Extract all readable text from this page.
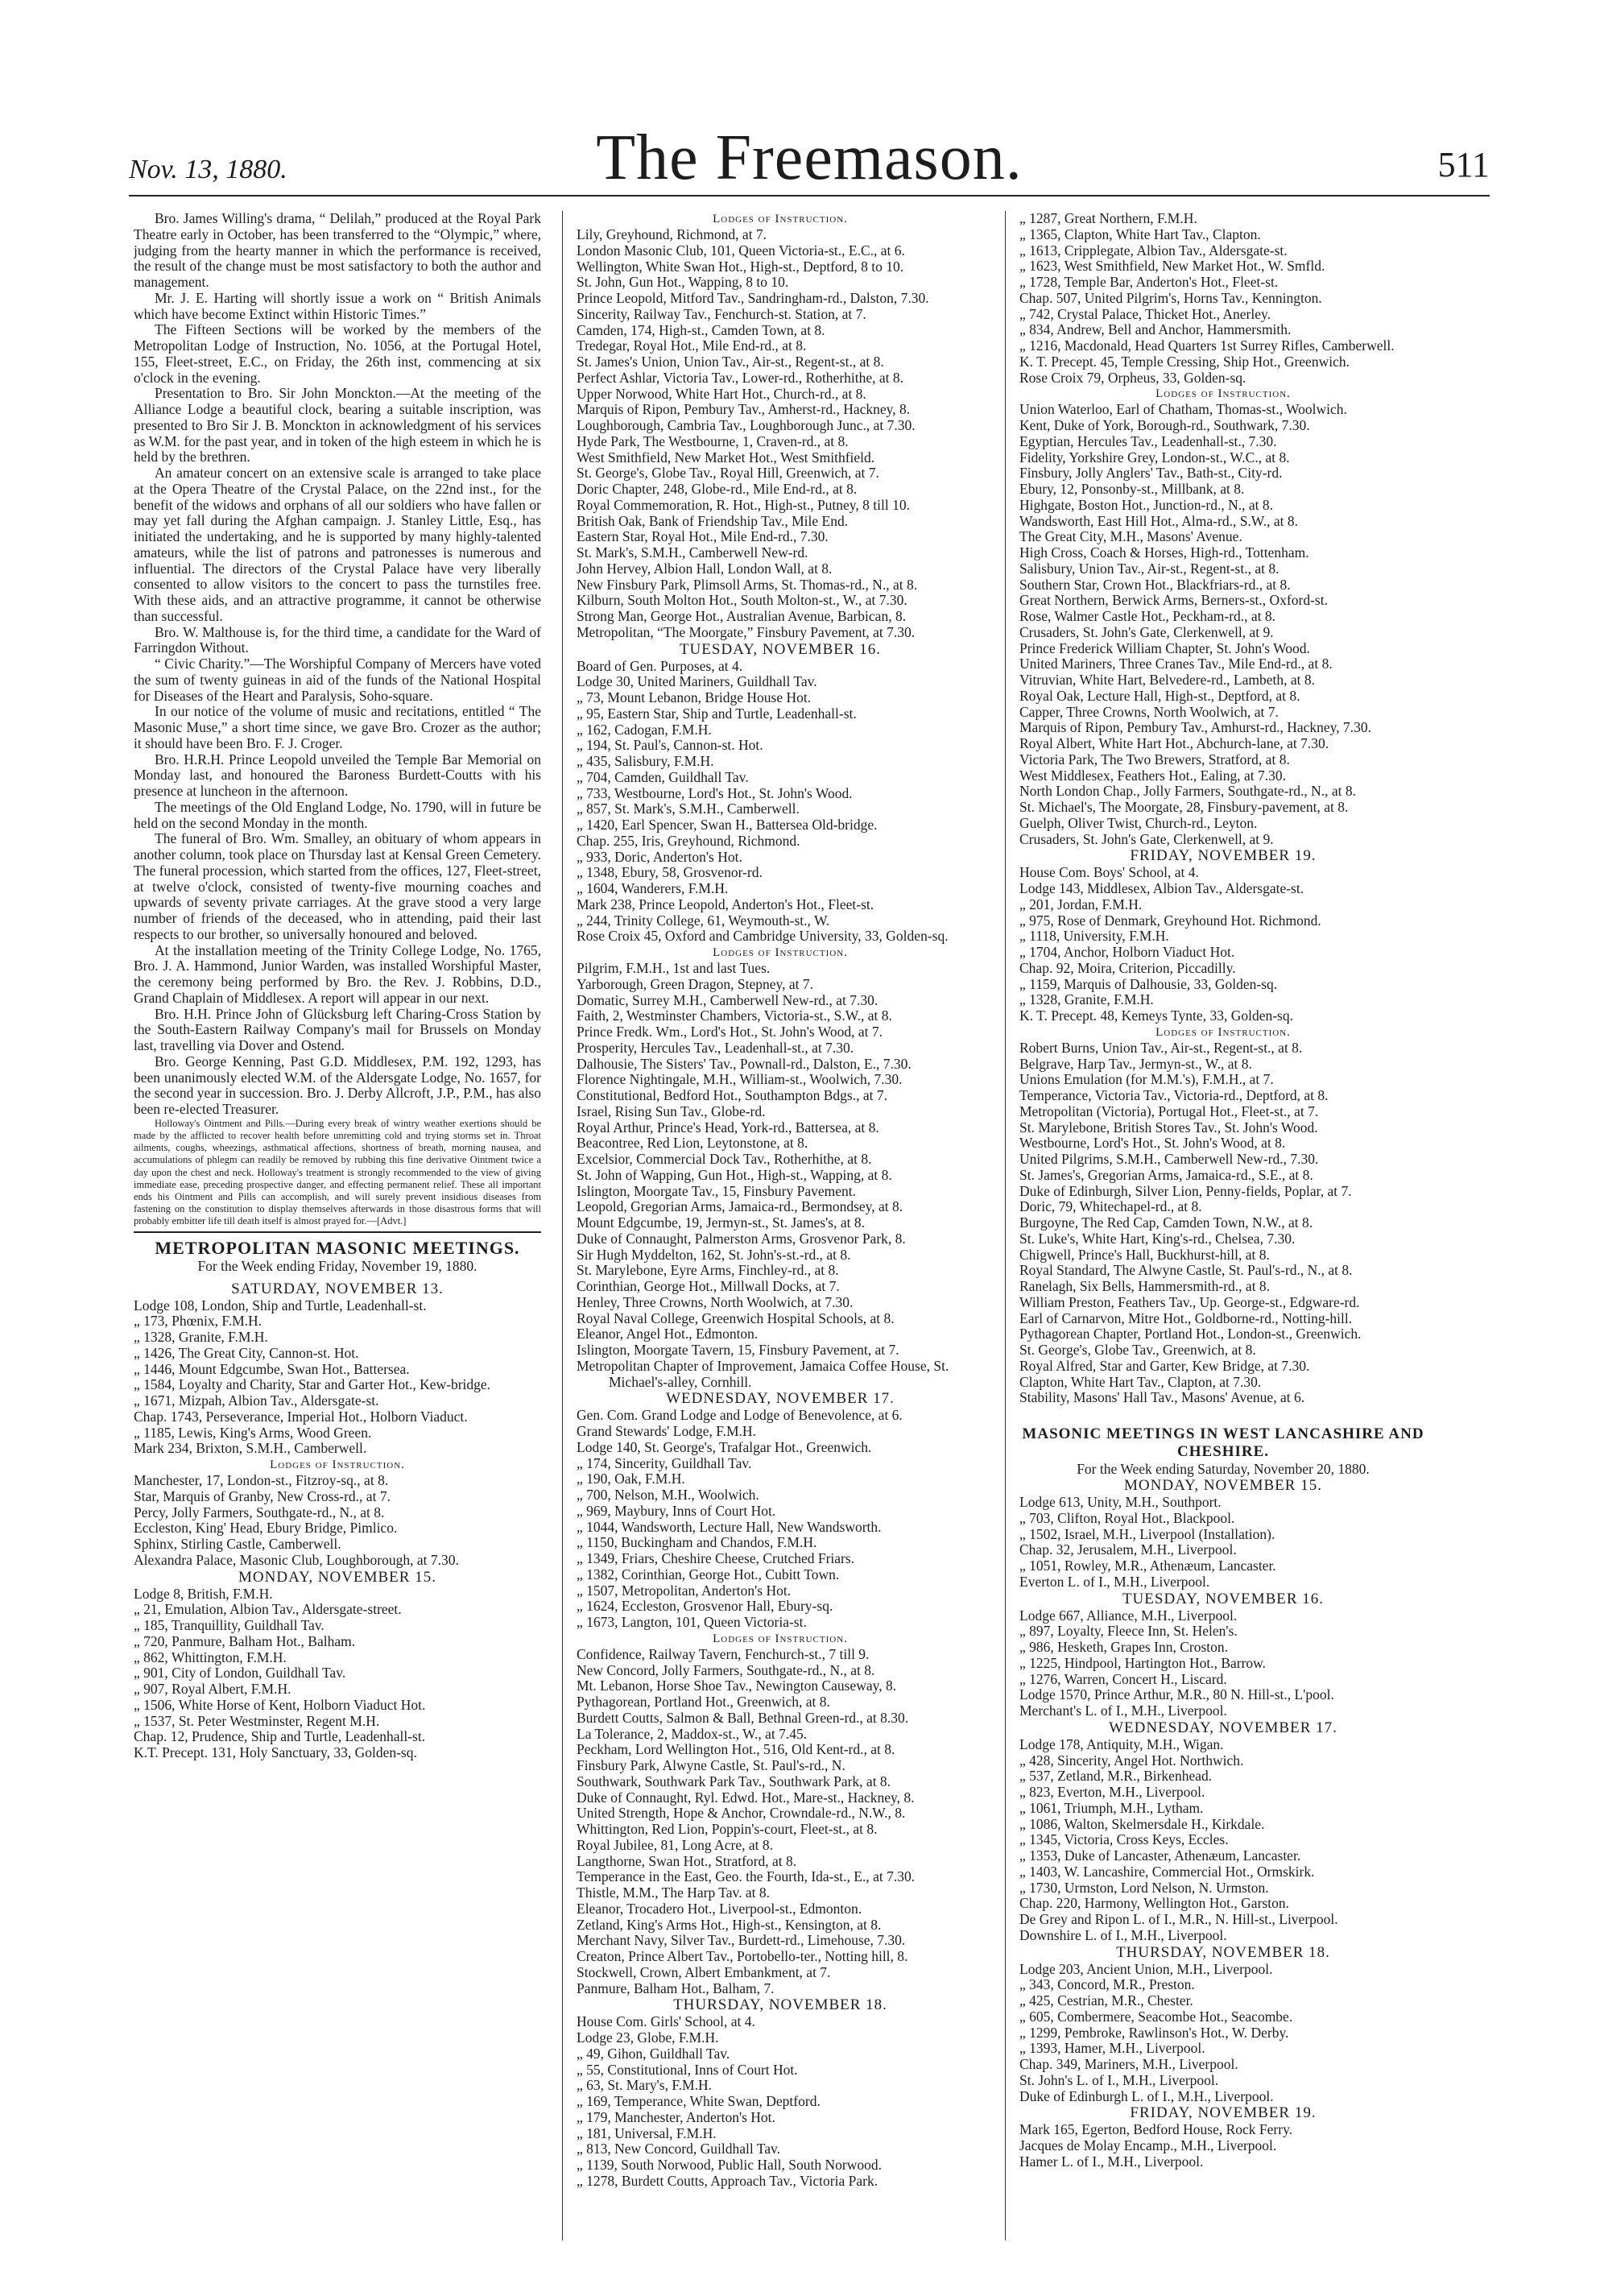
Nov. 13, 1880.	The Freemason.	511

Bro. James Willing's drama, “ Delilah,” produced at the Royal Park Theatre early in October, has been transferred to the “Olympic,” where, judging from the hearty manner in which the performance is received, the result of the change must be most satisfactory to both the author and management.

Mr. J. E. Harting will shortly issue a work on “ British Animals which have become Extinct within Historic Times.”

The Fifteen Sections will be worked by the members of the Metropolitan Lodge of Instruction, No. 1056, at the Portugal Hotel, 155, Fleet-street, E.C., on Friday, the 26th inst, commencing at six o'clock in the evening.

Presentation to Bro. Sir John Monckton.—At the meeting of the Alliance Lodge a beautiful clock, bearing a suitable inscription, was presented to Bro Sir J. B. Monckton in acknowledgment of his services as W.M. for the past year, and in token of the high esteem in which he is held by the brethren.

An amateur concert on an extensive scale is arranged to take place at the Opera Theatre of the Crystal Palace, on the 22nd inst., for the benefit of the widows and orphans of all our soldiers who have fallen or may yet fall during the Afghan campaign. J. Stanley Little, Esq., has initiated the undertaking, and he is supported by many highly-talented amateurs, while the list of patrons and patronesses is numerous and influential. The directors of the Crystal Palace have very liberally consented to allow visitors to the concert to pass the turnstiles free. With these aids, and an attractive programme, it cannot be otherwise than successful.

Bro. W. Malthouse is, for the third time, a candidate for the Ward of Farringdon Without.

“ Civic Charity.”—The Worshipful Company of Mercers have voted the sum of twenty guineas in aid of the funds of the National Hospital for Diseases of the Heart and Paralysis, Soho-square.

In our notice of the volume of music and recitations, entitled “ The Masonic Muse,” a short time since, we gave Bro. Crozer as the author; it should have been Bro. F. J. Croger.

Bro. H.R.H. Prince Leopold unveiled the Temple Bar Memorial on Monday last, and honoured the Baroness Burdett-Coutts with his presence at luncheon in the afternoon.

The meetings of the Old England Lodge, No. 1790, will in future be held on the second Monday in the month.

The funeral of Bro. Wm. Smalley, an obituary of whom appears in another column, took place on Thursday last at Kensal Green Cemetery. The funeral procession, which started from the offices, 127, Fleet-street, at twelve o'clock, consisted of twenty-five mourning coaches and upwards of seventy private carriages. At the grave stood a very large number of friends of the deceased, who in attending, paid their last respects to our brother, so universally honoured and beloved.

At the installation meeting of the Trinity College Lodge, No. 1765, Bro. J. A. Hammond, Junior Warden, was installed Worshipful Master, the ceremony being performed by Bro. the Rev. J. Robbins, D.D., Grand Chaplain of Middlesex. A report will appear in our next.

Bro. H.H. Prince John of Glücksburg left Charing-Cross Station by the South-Eastern Railway Company's mail for Brussels on Monday last, travelling via Dover and Ostend.

Bro. George Kenning, Past G.D. Middlesex, P.M. 192, 1293, has been unanimously elected W.M. of the Aldersgate Lodge, No. 1657, for the second year in succession. Bro. J. Derby Allcroft, J.P., P.M., has also been re-elected Treasurer.

Holloway's Ointment and Pills.—During every break of wintry weather exertions should be made by the afflicted to recover health before unremitting cold and trying storms set in. Throat ailments, coughs, wheezings, asthmatical affections, shortness of breath, morning nausea, and accumulations of phlegm can readily be removed by rubbing this fine derivative Ointment twice a day upon the chest and neck. Holloway's treatment is strongly recommended to the view of giving immediate ease, preceding prospective danger, and effecting permanent relief. These all important ends his Ointment and Pills can accomplish, and will surely prevent insidious diseases from fastening on the constitution to display themselves afterwards in those disastrous forms that will probably embitter life till death itself is almost prayed for.—[Advt.]

METROPOLITAN MASONIC MEETINGS.
For the Week ending Friday, November 19, 1880.
SATURDAY, NOVEMBER 13.
Lodge 108, London, Ship and Turtle, Leadenhall-st.
„ 173, Phœnix, F.M.H.
„ 1328, Granite, F.M.H.
„ 1426, The Great City, Cannon-st. Hot.
„ 1446, Mount Edgcumbe, Swan Hot., Battersea.
„ 1584, Loyalty and Charity, Star and Garter Hot., Kew-bridge.
„ 1671, Mizpah, Albion Tav., Aldersgate-st.
Chap. 1743, Perseverance, Imperial Hot., Holborn Viaduct.
„ 1185, Lewis, King's Arms, Wood Green.
Mark 234, Brixton, S.M.H., Camberwell.
Lodges of Instruction.
Manchester, 17, London-st., Fitzroy-sq., at 8.
Star, Marquis of Granby, New Cross-rd., at 7.
Percy, Jolly Farmers, Southgate-rd., N., at 8.
Eccleston, King' Head, Ebury Bridge, Pimlico.
Sphinx, Stirling Castle, Camberwell.
Alexandra Palace, Masonic Club, Loughborough, at 7.30.
MONDAY, NOVEMBER 15.
Lodge 8, British, F.M.H.
„ 21, Emulation, Albion Tav., Aldersgate-street.
„ 185, Tranquillity, Guildhall Tav.
„ 720, Panmure, Balham Hot., Balham.
„ 862, Whittington, F.M.H.
„ 901, City of London, Guildhall Tav.
„ 907, Royal Albert, F.M.H.
„ 1506, White Horse of Kent, Holborn Viaduct Hot.
„ 1537, St. Peter Westminster, Regent M.H.
Chap. 12, Prudence, Ship and Turtle, Leadenhall-st.
K.T. Precept. 131, Holy Sanctuary, 33, Golden-sq.
Lodges of Instruction.
Lily, Greyhound, Richmond, at 7.
London Masonic Club, 101, Queen Victoria-st., E.C., at 6.
Wellington, White Swan Hot., High-st., Deptford, 8 to 10.
St. John, Gun Hot., Wapping, 8 to 10.
Prince Leopold, Mitford Tav., Sandringham-rd., Dalston, 7.30.
Sincerity, Railway Tav., Fenchurch-st. Station, at 7.
Camden, 174, High-st., Camden Town, at 8.
Tredegar, Royal Hot., Mile End-rd., at 8.
St. James's Union, Union Tav., Air-st., Regent-st., at 8.
Perfect Ashlar, Victoria Tav., Lower-rd., Rotherhithe, at 8.
Upper Norwood, White Hart Hot., Church-rd., at 8.
Marquis of Ripon, Pembury Tav., Amherst-rd., Hackney, 8.
Loughborough, Cambria Tav., Loughborough Junc., at 7.30.
Hyde Park, The Westbourne, 1, Craven-rd., at 8.
West Smithfield, New Market Hot., West Smithfield.
St. George's, Globe Tav., Royal Hill, Greenwich, at 7.
Doric Chapter, 248, Globe-rd., Mile End-rd., at 8.
Royal Commemoration, R. Hot., High-st., Putney, 8 till 10.
British Oak, Bank of Friendship Tav., Mile End.
Eastern Star, Royal Hot., Mile End-rd., 7.30.
St. Mark's, S.M.H., Camberwell New-rd.
John Hervey, Albion Hall, London Wall, at 8.
New Finsbury Park, Plimsoll Arms, St. Thomas-rd., N., at 8.
Kilburn, South Molton Hot., South Molton-st., W., at 7.30.
Strong Man, George Hot., Australian Avenue, Barbican, 8.
Metropolitan, “The Moorgate,” Finsbury Pavement, at 7.30.
TUESDAY, NOVEMBER 16.
Board of Gen. Purposes, at 4.
Lodge 30, United Mariners, Guildhall Tav.
„ 73, Mount Lebanon, Bridge House Hot.
„ 95, Eastern Star, Ship and Turtle, Leadenhall-st.
„ 162, Cadogan, F.M.H.
„ 194, St. Paul's, Cannon-st. Hot.
„ 435, Salisbury, F.M.H.
„ 704, Camden, Guildhall Tav.
„ 733, Westbourne, Lord's Hot., St. John's Wood.
„ 857, St. Mark's, S.M.H., Camberwell.
„ 1420, Earl Spencer, Swan H., Battersea Old-bridge.
Chap. 255, Iris, Greyhound, Richmond.
„ 933, Doric, Anderton's Hot.
„ 1348, Ebury, 58, Grosvenor-rd.
„ 1604, Wanderers, F.M.H.
Mark 238, Prince Leopold, Anderton's Hot., Fleet-st.
„ 244, Trinity College, 61, Weymouth-st., W.
Rose Croix 45, Oxford and Cambridge University, 33, Golden-sq.
Lodges of Instruction.
Pilgrim, F.M.H., 1st and last Tues.
Yarborough, Green Dragon, Stepney, at 7.
Domatic, Surrey M.H., Camberwell New-rd., at 7.30.
Faith, 2, Westminster Chambers, Victoria-st., S.W., at 8.
Prince Fredk. Wm., Lord's Hot., St. John's Wood, at 7.
Prosperity, Hercules Tav., Leadenhall-st., at 7.30.
Dalhousie, The Sisters' Tav., Pownall-rd., Dalston, E., 7.30.
Florence Nightingale, M.H., William-st., Woolwich, 7.30.
Constitutional, Bedford Hot., Southampton Bdgs., at 7.
Israel, Rising Sun Tav., Globe-rd.
Royal Arthur, Prince's Head, York-rd., Battersea, at 8.
Beacontree, Red Lion, Leytonstone, at 8.
Excelsior, Commercial Dock Tav., Rotherhithe, at 8.
St. John of Wapping, Gun Hot., High-st., Wapping, at 8.
Islington, Moorgate Tav., 15, Finsbury Pavement.
Leopold, Gregorian Arms, Jamaica-rd., Bermondsey, at 8.
Mount Edgcumbe, 19, Jermyn-st., St. James's, at 8.
Duke of Connaught, Palmerston Arms, Grosvenor Park, 8.
Sir Hugh Myddelton, 162, St. John's-st.-rd., at 8.
St. Marylebone, Eyre Arms, Finchley-rd., at 8.
Corinthian, George Hot., Millwall Docks, at 7.
Henley, Three Crowns, North Woolwich, at 7.30.
Royal Naval College, Greenwich Hospital Schools, at 8.
Eleanor, Angel Hot., Edmonton.
Islington, Moorgate Tavern, 15, Finsbury Pavement, at 7.
Metropolitan Chapter of Improvement, Jamaica Coffee House, St. Michael's-alley, Cornhill.
WEDNESDAY, NOVEMBER 17.
Gen. Com. Grand Lodge and Lodge of Benevolence, at 6.
Grand Stewards' Lodge, F.M.H.
Lodge 140, St. George's, Trafalgar Hot., Greenwich.
„ 174, Sincerity, Guildhall Tav.
„ 190, Oak, F.M.H.
„ 700, Nelson, M.H., Woolwich.
„ 969, Maybury, Inns of Court Hot.
„ 1044, Wandsworth, Lecture Hall, New Wandsworth.
„ 1150, Buckingham and Chandos, F.M.H.
„ 1349, Friars, Cheshire Cheese, Crutched Friars.
„ 1382, Corinthian, George Hot., Cubitt Town.
„ 1507, Metropolitan, Anderton's Hot.
„ 1624, Eccleston, Grosvenor Hall, Ebury-sq.
„ 1673, Langton, 101, Queen Victoria-st.
Lodges of Instruction.
Confidence, Railway Tavern, Fenchurch-st., 7 till 9.
New Concord, Jolly Farmers, Southgate-rd., N., at 8.
Mt. Lebanon, Horse Shoe Tav., Newington Causeway, 8.
Pythagorean, Portland Hot., Greenwich, at 8.
Burdett Coutts, Salmon & Ball, Bethnal Green-rd., at 8.30.
La Tolerance, 2, Maddox-st., W., at 7.45.
Peckham, Lord Wellington Hot., 516, Old Kent-rd., at 8.
Finsbury Park, Alwyne Castle, St. Paul's-rd., N.
Southwark, Southwark Park Tav., Southwark Park, at 8.
Duke of Connaught, Ryl. Edwd. Hot., Mare-st., Hackney, 8.
United Strength, Hope & Anchor, Crowndale-rd., N.W., 8.
Whittington, Red Lion, Poppin's-court, Fleet-st., at 8.
Royal Jubilee, 81, Long Acre, at 8.
Langthorne, Swan Hot., Stratford, at 8.
Temperance in the East, Geo. the Fourth, Ida-st., E., at 7.30.
Thistle, M.M., The Harp Tav. at 8.
Eleanor, Trocadero Hot., Liverpool-st., Edmonton.
Zetland, King's Arms Hot., High-st., Kensington, at 8.
Merchant Navy, Silver Tav., Burdett-rd., Limehouse, 7.30.
Creaton, Prince Albert Tav., Portobello-ter., Notting hill, 8.
Stockwell, Crown, Albert Embankment, at 7.
Panmure, Balham Hot., Balham, 7.
THURSDAY, NOVEMBER 18.
House Com. Girls' School, at 4.
Lodge 23, Globe, F.M.H.
„ 49, Gihon, Guildhall Tav.
„ 55, Constitutional, Inns of Court Hot.
„ 63, St. Mary's, F.M.H.
„ 169, Temperance, White Swan, Deptford.
„ 179, Manchester, Anderton's Hot.
„ 181, Universal, F.M.H.
„ 813, New Concord, Guildhall Tav.
„ 1139, South Norwood, Public Hall, South Norwood.
„ 1278, Burdett Coutts, Approach Tav., Victoria Park.
„ 1287, Great Northern, F.M.H.
„ 1365, Clapton, White Hart Tav., Clapton.
„ 1613, Cripplegate, Albion Tav., Aldersgate-st.
„ 1623, West Smithfield, New Market Hot., W. Smfld.
„ 1728, Temple Bar, Anderton's Hot., Fleet-st.
Chap. 507, United Pilgrim's, Horns Tav., Kennington.
„ 742, Crystal Palace, Thicket Hot., Anerley.
„ 834, Andrew, Bell and Anchor, Hammersmith.
„ 1216, Macdonald, Head Quarters 1st Surrey Rifles, Camberwell.
K. T. Precept. 45, Temple Cressing, Ship Hot., Greenwich.
Rose Croix 79, Orpheus, 33, Golden-sq.
Lodges of Instruction.
Union Waterloo, Earl of Chatham, Thomas-st., Woolwich.
Kent, Duke of York, Borough-rd., Southwark, 7.30.
Egyptian, Hercules Tav., Leadenhall-st., 7.30.
Fidelity, Yorkshire Grey, London-st., W.C., at 8.
Finsbury, Jolly Anglers' Tav., Bath-st., City-rd.
Ebury, 12, Ponsonby-st., Millbank, at 8.
Highgate, Boston Hot., Junction-rd., N., at 8.
Wandsworth, East Hill Hot., Alma-rd., S.W., at 8.
The Great City, M.H., Masons' Avenue.
High Cross, Coach & Horses, High-rd., Tottenham.
Salisbury, Union Tav., Air-st., Regent-st., at 8.
Southern Star, Crown Hot., Blackfriars-rd., at 8.
Great Northern, Berwick Arms, Berners-st., Oxford-st.
Rose, Walmer Castle Hot., Peckham-rd., at 8.
Crusaders, St. John's Gate, Clerkenwell, at 9.
Prince Frederick William Chapter, St. John's Wood.
United Mariners, Three Cranes Tav., Mile End-rd., at 8.
Vitruvian, White Hart, Belvedere-rd., Lambeth, at 8.
Royal Oak, Lecture Hall, High-st., Deptford, at 8.
Capper, Three Crowns, North Woolwich, at 7.
Marquis of Ripon, Pembury Tav., Amhurst-rd., Hackney, 7.30.
Royal Albert, White Hart Hot., Abchurch-lane, at 7.30.
Victoria Park, The Two Brewers, Stratford, at 8.
West Middlesex, Feathers Hot., Ealing, at 7.30.
North London Chap., Jolly Farmers, Southgate-rd., N., at 8.
St. Michael's, The Moorgate, 28, Finsbury-pavement, at 8.
Guelph, Oliver Twist, Church-rd., Leyton.
Crusaders, St. John's Gate, Clerkenwell, at 9.
FRIDAY, NOVEMBER 19.
House Com. Boys' School, at 4.
Lodge 143, Middlesex, Albion Tav., Aldersgate-st.
„ 201, Jordan, F.M.H.
„ 975, Rose of Denmark, Greyhound Hot. Richmond.
„ 1118, University, F.M.H.
„ 1704, Anchor, Holborn Viaduct Hot.
Chap. 92, Moira, Criterion, Piccadilly.
„ 1159, Marquis of Dalhousie, 33, Golden-sq.
„ 1328, Granite, F.M.H.
K. T. Precept. 48, Kemeys Tynte, 33, Golden-sq.
Lodges of Instruction.
Robert Burns, Union Tav., Air-st., Regent-st., at 8.
Belgrave, Harp Tav., Jermyn-st., W., at 8.
Unions Emulation (for M.M.'s), F.M.H., at 7.
Temperance, Victoria Tav., Victoria-rd., Deptford, at 8.
Metropolitan (Victoria), Portugal Hot., Fleet-st., at 7.
St. Marylebone, British Stores Tav., St. John's Wood.
Westbourne, Lord's Hot., St. John's Wood, at 8.
United Pilgrims, S.M.H., Camberwell New-rd., 7.30.
St. James's, Gregorian Arms, Jamaica-rd., S.E., at 8.
Duke of Edinburgh, Silver Lion, Penny-fields, Poplar, at 7.
Doric, 79, Whitechapel-rd., at 8.
Burgoyne, The Red Cap, Camden Town, N.W., at 8.
St. Luke's, White Hart, King's-rd., Chelsea, 7.30.
Chigwell, Prince's Hall, Buckhurst-hill, at 8.
Royal Standard, The Alwyne Castle, St. Paul's-rd., N., at 8.
Ranelagh, Six Bells, Hammersmith-rd., at 8.
William Preston, Feathers Tav., Up. George-st., Edgware-rd.
Earl of Carnarvon, Mitre Hot., Goldborne-rd., Notting-hill.
Pythagorean Chapter, Portland Hot., London-st., Greenwich.
St. George's, Globe Tav., Greenwich, at 8.
Royal Alfred, Star and Garter, Kew Bridge, at 7.30.
Clapton, White Hart Tav., Clapton, at 7.30.
Stability, Masons' Hall Tav., Masons' Avenue, at 6.
MASONIC MEETINGS IN WEST LANCASHIRE AND CHESHIRE.
For the Week ending Saturday, November 20, 1880.
MONDAY, NOVEMBER 15.
Lodge 613, Unity, M.H., Southport.
„ 703, Clifton, Royal Hot., Blackpool.
„ 1502, Israel, M.H., Liverpool (Installation).
Chap. 32, Jerusalem, M.H., Liverpool.
„ 1051, Rowley, M.R., Athenæum, Lancaster.
Everton L. of I., M.H., Liverpool.
TUESDAY, NOVEMBER 16.
Lodge 667, Alliance, M.H., Liverpool.
„ 897, Loyalty, Fleece Inn, St. Helen's.
„ 986, Hesketh, Grapes Inn, Croston.
„ 1225, Hindpool, Hartington Hot., Barrow.
„ 1276, Warren, Concert H., Liscard.
Lodge 1570, Prince Arthur, M.R., 80 N. Hill-st., L'pool.
Merchant's L. of I., M.H., Liverpool.
WEDNESDAY, NOVEMBER 17.
Lodge 178, Antiquity, M.H., Wigan.
„ 428, Sincerity, Angel Hot. Northwich.
„ 537, Zetland, M.R., Birkenhead.
„ 823, Everton, M.H., Liverpool.
„ 1061, Triumph, M.H., Lytham.
„ 1086, Walton, Skelmersdale H., Kirkdale.
„ 1345, Victoria, Cross Keys, Eccles.
„ 1353, Duke of Lancaster, Athenæum, Lancaster.
„ 1403, W. Lancashire, Commercial Hot., Ormskirk.
„ 1730, Urmston, Lord Nelson, N. Urmston.
Chap. 220, Harmony, Wellington Hot., Garston.
De Grey and Ripon L. of I., M.R., N. Hill-st., Liverpool.
Downshire L. of I., M.H., Liverpool.
THURSDAY, NOVEMBER 18.
Lodge 203, Ancient Union, M.H., Liverpool.
„ 343, Concord, M.R., Preston.
„ 425, Cestrian, M.R., Chester.
„ 605, Combermere, Seacombe Hot., Seacombe.
„ 1299, Pembroke, Rawlinson's Hot., W. Derby.
„ 1393, Hamer, M.H., Liverpool.
Chap. 349, Mariners, M.H., Liverpool.
St. John's L. of I., M.H., Liverpool.
Duke of Edinburgh L. of I., M.H., Liverpool.
FRIDAY, NOVEMBER 19.
Mark 165, Egerton, Bedford House, Rock Ferry.
Jacques de Molay Encamp., M.H., Liverpool.
Hamer L. of I., M.H., Liverpool.
